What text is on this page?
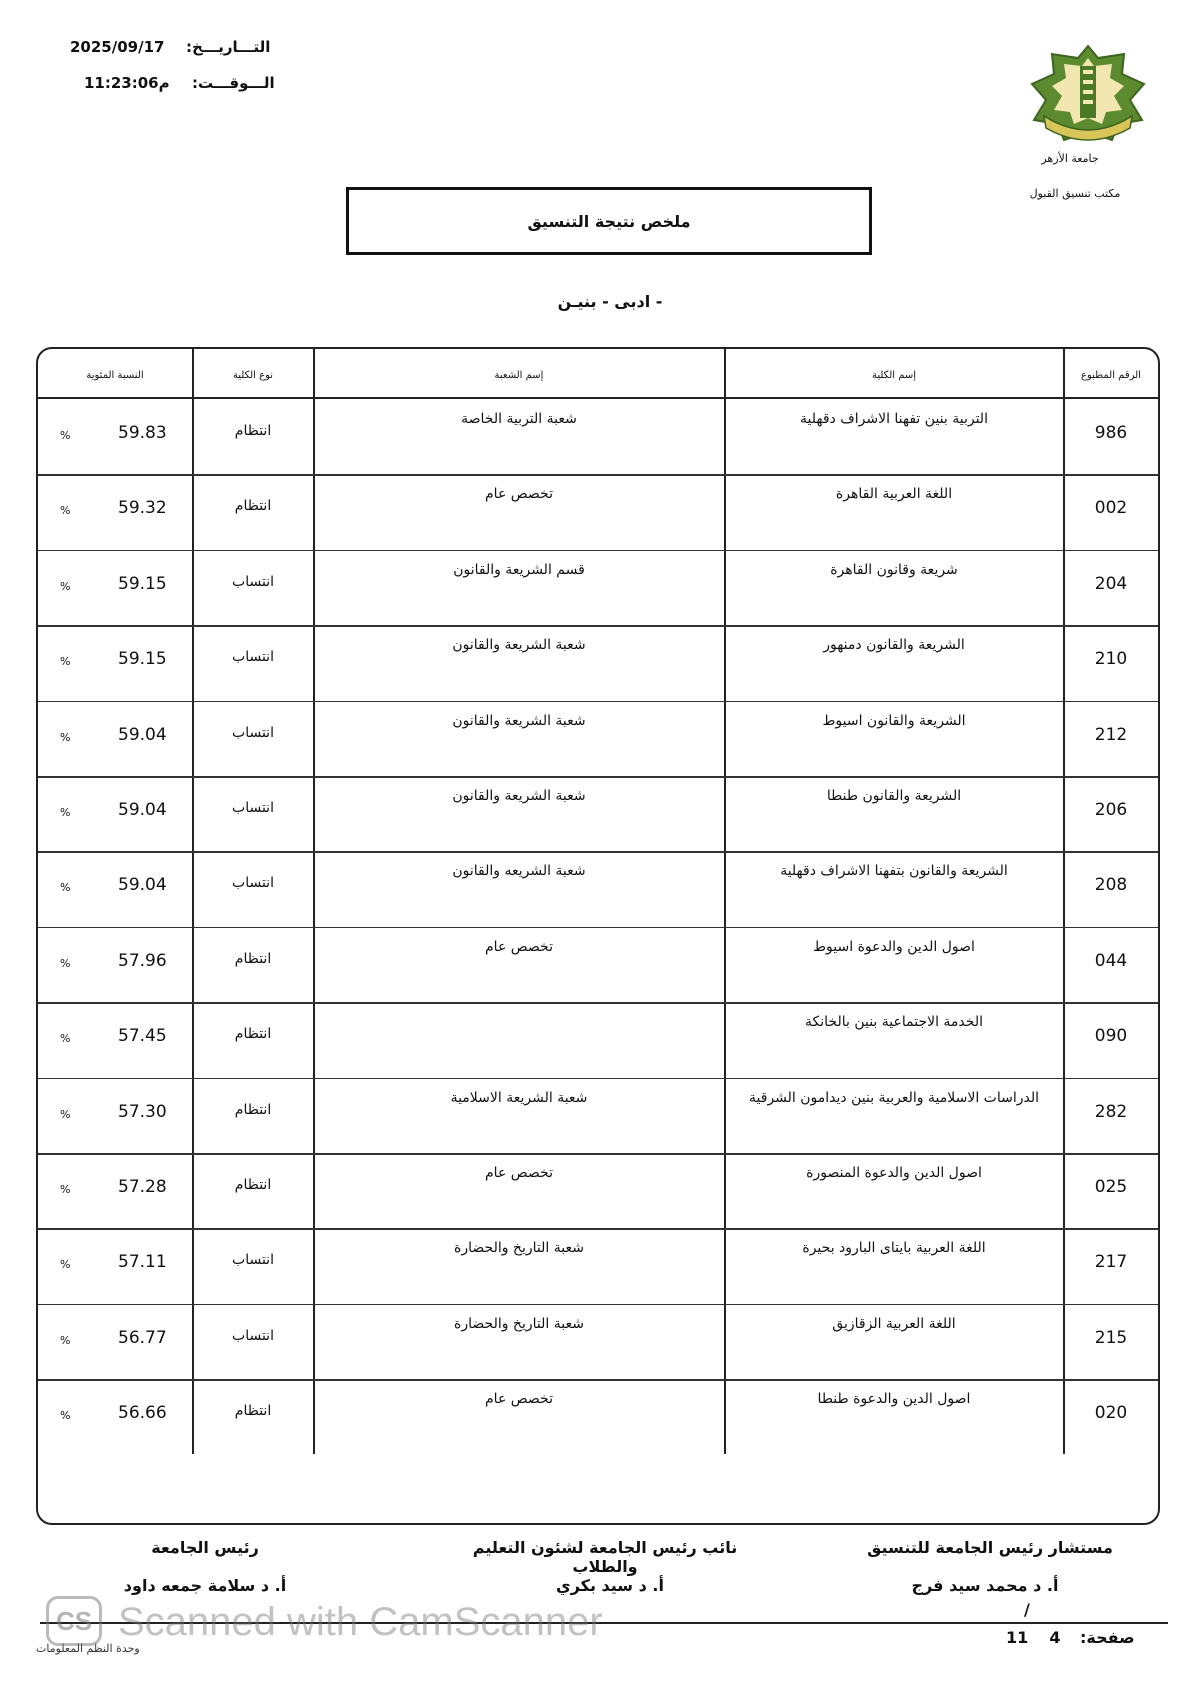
التـــاريـــخ:
2025/09/17
الـــوقـــت:
11:23:06م
جامعة الأزهر
مكتب تنسيق القبول
ملخص نتيجة التنسيق
- ادبى - بنيـن
الرقم المطبوع
إسم الكلية
إسم الشعبة
نوع الكلية
النسبة المئوية
986
التربية بنين تفهنا الاشراف دقهلية
شعبة التربية الخاصة
انتظام
59.83
%
002
اللغة العربية القاهرة
تخصص عام
انتظام
59.32
%
204
شريعة وقانون القاهرة
قسم الشريعة والقانون
انتساب
59.15
%
210
الشريعة والقانون دمنهور
شعبة الشريعة والقانون
انتساب
59.15
%
212
الشريعة والقانون اسيوط
شعبة الشريعة والقانون
انتساب
59.04
%
206
الشريعة والقانون طنطا
شعبة الشريعة والقانون
انتساب
59.04
%
208
الشريعة والقانون بتفهنا الاشراف دقهلية
شعبة الشريعه والقانون
انتساب
59.04
%
044
اصول الدين والدعوة اسيوط
تخصص عام
انتظام
57.96
%
090
الخدمة الاجتماعية بنين بالخانكة
انتظام
57.45
%
282
الدراسات الاسلامية والعربية بنين ديدامون الشرقية
شعبة الشريعة الاسلامية
انتظام
57.30
%
025
اصول الدين والدعوة المنصورة
تخصص عام
انتظام
57.28
%
217
اللغة العربية بايتاى البارود بحيرة
شعبة التاريخ والحضارة
انتساب
57.11
%
215
اللغة العربية الزقازيق
شعبة التاريخ والحضارة
انتساب
56.77
%
020
اصول الدين والدعوة طنطا
تخصص عام
انتظام
56.66
%
مستشار رئيس الجامعة للتنسيق
أ. د محمد سيد فرج
نائب رئيس الجامعة لشئون التعليم والطلاب
أ. د سيد بكري
رئيس الجامعة
أ. د سلامة جمعه داود
/
صفحة:
11 4
وحدة النظم المعلومات
CS Scanned with CamScanner
